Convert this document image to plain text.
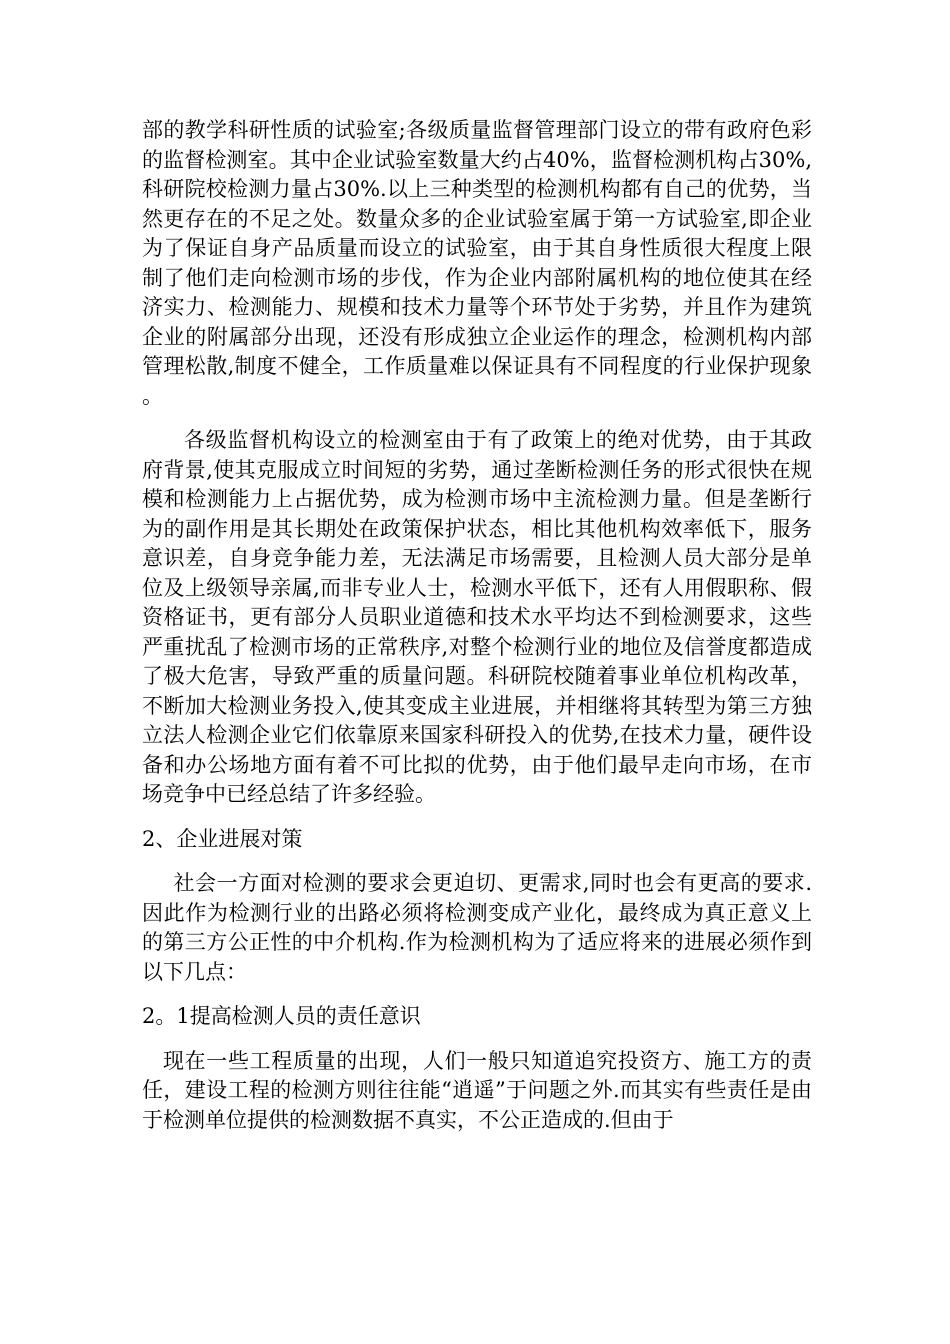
部的教学科研性质的试验室;各级质量监督管理部门设立的带有政府色彩的监督检测室。其中企业试验室数量大约占40%，监督检测机构占30%,科研院校检测力量占30%.以上三种类型的检测机构都有自己的优势，当然更存在的不足之处。数量众多的企业试验室属于第一方试验室,即企业为了保证自身产品质量而设立的试验室，由于其自身性质很大程度上限制了他们走向检测市场的步伐，作为企业内部附属机构的地位使其在经济实力、检测能力、规模和技术力量等个环节处于劣势，并且作为建筑企业的附属部分出现，还没有形成独立企业运作的理念，检测机构内部管理松散,制度不健全，工作质量难以保证具有不同程度的行业保护现象。

各级监督机构设立的检测室由于有了政策上的绝对优势，由于其政府背景,使其克服成立时间短的劣势，通过垄断检测任务的形式很快在规模和检测能力上占据优势，成为检测市场中主流检测力量。但是垄断行为的副作用是其长期处在政策保护状态，相比其他机构效率低下，服务意识差，自身竞争能力差，无法满足市场需要，且检测人员大部分是单位及上级领导亲属,而非专业人士，检测水平低下，还有人用假职称、假资格证书，更有部分人员职业道德和技术水平均达不到检测要求，这些严重扰乱了检测市场的正常秩序,对整个检测行业的地位及信誉度都造成了极大危害，导致严重的质量问题。科研院校随着事业单位机构改革，不断加大检测业务投入,使其变成主业进展，并相继将其转型为第三方独立法人检测企业它们依靠原来国家科研投入的优势,在技术力量，硬件设备和办公场地方面有着不可比拟的优势，由于他们最早走向市场，在市场竞争中已经总结了许多经验。

2、企业进展对策

社会一方面对检测的要求会更迫切、更需求,同时也会有更高的要求.因此作为检测行业的出路必须将检测变成产业化，最终成为真正意义上的第三方公正性的中介机构.作为检测机构为了适应将来的进展必须作到以下几点：

2。1提高检测人员的责任意识

现在一些工程质量的出现，人们一般只知道追究投资方、施工方的责任，建设工程的检测方则往往能“逍遥”于问题之外.而其实有些责任是由于检测单位提供的检测数据不真实，不公正造成的.但由于
